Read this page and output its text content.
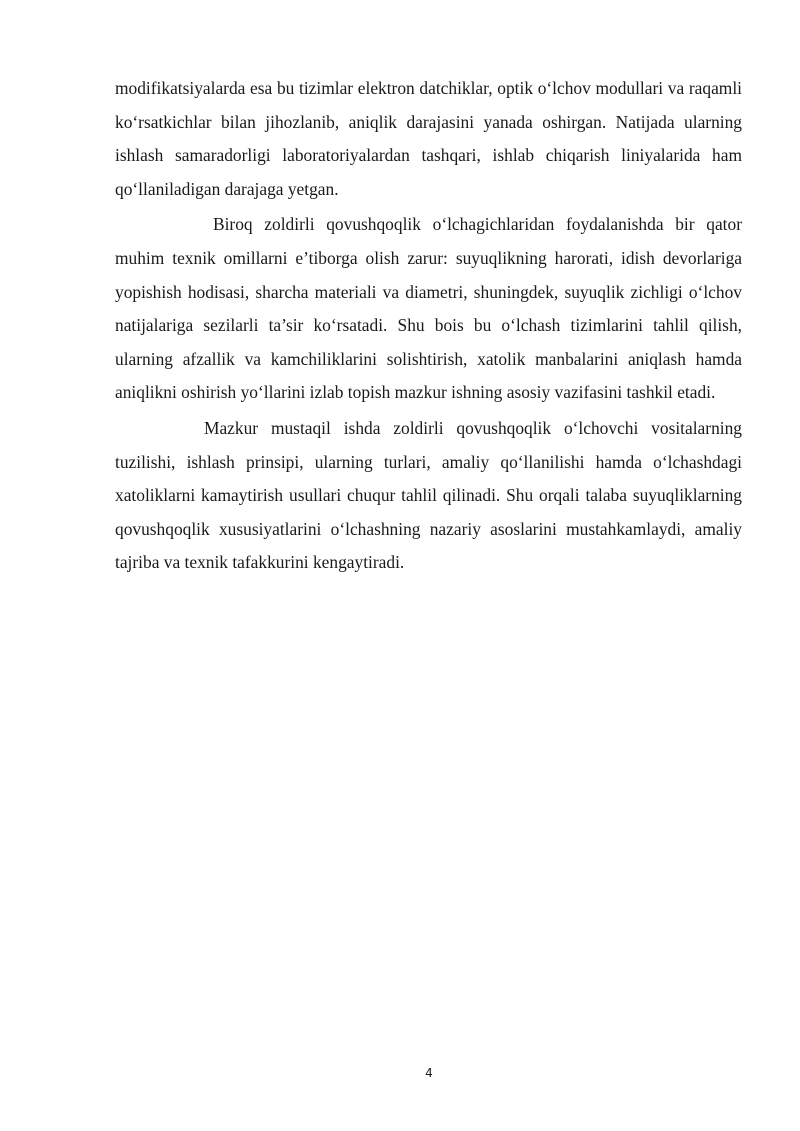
modifikatsiyalarda esa bu tizimlar elektron datchiklar, optik o‘lchov modullari va raqamli ko‘rsatkichlar bilan jihozlanib, aniqlik darajasini yanada oshirgan. Natijada ularning ishlash samaradorligi laboratoriyalardan tashqari, ishlab chiqarish liniyalarida ham qo‘llaniladigan darajaga yetgan.

Biroq zoldirli qovushqoqlik o‘lchagichlaridan foydalanishda bir qator muhim texnik omillarni e’tiborga olish zarur: suyuqlikning harorati, idish devorlariga yopishish hodisasi, sharcha materiali va diametri, shuningdek, suyuqlik zichligi o‘lchov natijalariga sezilarli ta’sir ko‘rsatadi. Shu bois bu o‘lchash tizimlarini tahlil qilish, ularning afzallik va kamchiliklarini solishtirish, xatolik manbalarini aniqlash hamda aniqlikni oshirish yo‘llarini izlab topish mazkur ishning asosiy vazifasini tashkil etadi.

Mazkur mustaqil ishda zoldirli qovushqoqlik o‘lchovchi vositalarning tuzilishi, ishlash prinsipi, ularning turlari, amaliy qo‘llanilishi hamda o‘lchashdagi xatoliklarni kamaytirish usullari chuqur tahlil qilinadi. Shu orqali talaba suyuqliklarning qovushqoqlik xususiyatlarini o‘lchashning nazariy asoslarini mustahkamlaydi, amaliy tajriba va texnik tafakkurini kengaytiradi.

4
